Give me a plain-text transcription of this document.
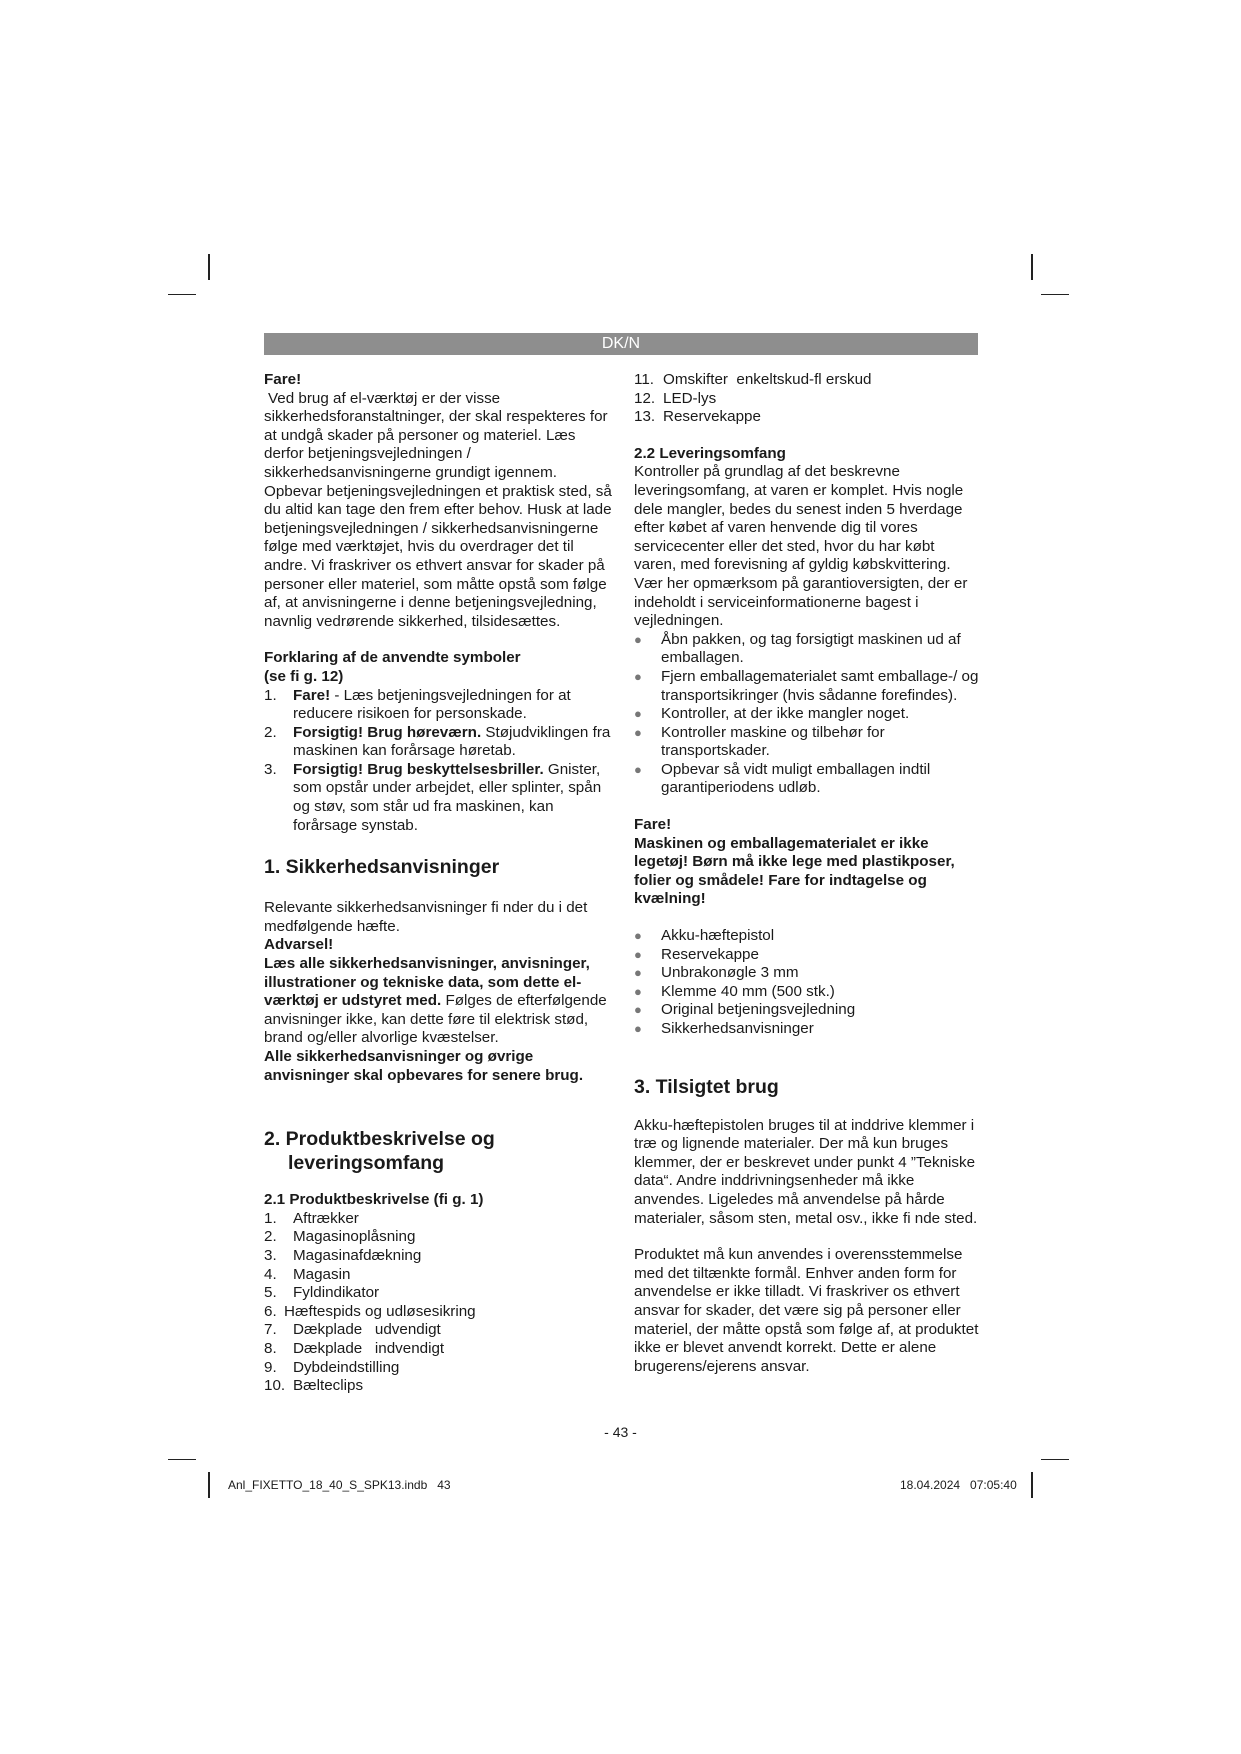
DK/N

Fare!

Ved brug af el-værktøj er der visse sikkerhedsforanstaltninger, der skal respekteres for at undgå skader på personer og materiel. Læs derfor betjeningsvejledningen / sikkerhedsanvisningerne grundigt igennem. Opbevar betjeningsvejledningen et praktisk sted, så du altid kan tage den frem efter behov. Husk at lade betjeningsvejledningen / sikkerhedsanvisningerne følge med værktøjet, hvis du overdrager det til andre. Vi fraskriver os ethvert ansvar for skader på personer eller materiel, som måtte opstå som følge af, at anvisningerne i denne betjeningsvejledning, navnlig vedrørende sikkerhed, tilsidesættes.

Forklaring af de anvendte symboler (se fi g. 12)

1. Fare! - Læs betjeningsvejledningen for at reducere risikoen for personskade.
2. Forsigtig! Brug høreværn. Støjudviklingen fra maskinen kan forårsage høretab.
3. Forsigtig! Brug beskyttelsesbriller. Gnister, som opstår under arbejdet, eller splinter, spån og støv, som står ud fra maskinen, kan forårsage synstab.

1. Sikkerhedsanvisninger

Relevante sikkerhedsanvisninger fi nder du i det medfølgende hæfte.

Advarsel!

Læs alle sikkerhedsanvisninger, anvisninger, illustrationer og tekniske data, som dette el-værktøj er udstyret med. Følges de efterfølgende anvisninger ikke, kan dette føre til elektrisk stød, brand og/eller alvorlige kvæstelser.

Alle sikkerhedsanvisninger og øvrige anvisninger skal opbevares for senere brug.

2. Produktbeskrivelse og
leveringsomfang

2.1 Produktbeskrivelse (fi g. 1)

1. Aftrækker
2. Magasinoplåsning
3. Magasinafdækning
4. Magasin
5. Fyldindikator
6. Hæftespids og udløsesikring
7. Dækplade   udvendigt
8. Dækplade   indvendigt
9. Dybdeindstilling
10. Bælteclips
11. Omskifter  enkeltskud-fl erskud
12. LED-lys
13. Reservekappe

2.2 Leveringsomfang

Kontroller på grundlag af det beskrevne leveringsomfang, at varen er komplet. Hvis nogle dele mangler, bedes du senest inden 5 hverdage efter købet af varen henvende dig til vores servicecenter eller det sted, hvor du har købt varen, med forevisning af gyldig købskvittering. Vær her opmærksom på garantioversigten, der er indeholdt i serviceinformationerne bagest i vejledningen.

● Åbn pakken, og tag forsigtigt maskinen ud af emballagen.
● Fjern emballagematerialet samt emballage-/ og transportsikringer (hvis sådanne forefindes).
● Kontroller, at der ikke mangler noget.
● Kontroller maskine og tilbehør for transportskader.
● Opbevar så vidt muligt emballagen indtil garantiperiodens udløb.

Fare!

Maskinen og emballagematerialet er ikke legetøj! Børn må ikke lege med plastikposer, folier og smådele! Fare for indtagelse og kvælning!

● Akku-hæftepistol
● Reservekappe
● Unbrakonøgle 3 mm
● Klemme 40 mm (500 stk.)
● Original betjeningsvejledning
● Sikkerhedsanvisninger

3. Tilsigtet brug

Akku-hæftepistolen bruges til at inddrive klemmer i træ og lignende materialer. Der må kun bruges klemmer, der er beskrevet under punkt 4 ”Tekniske data“. Andre inddrivningsenheder må ikke anvendes. Ligeledes må anvendelse på hårde materialer, såsom sten, metal osv., ikke fi nde sted.

Produktet må kun anvendes i overensstemmelse med det tiltænkte formål. Enhver anden form for anvendelse er ikke tilladt. Vi fraskriver os ethvert ansvar for skader, det være sig på personer eller materiel, der måtte opstå som følge af, at produktet ikke er blevet anvendt korrekt. Dette er alene brugerens/ejerens ansvar.

- 43 -
Anl_FIXETTO_18_40_S_SPK13.indb   43	18.04.2024   07:05:40
